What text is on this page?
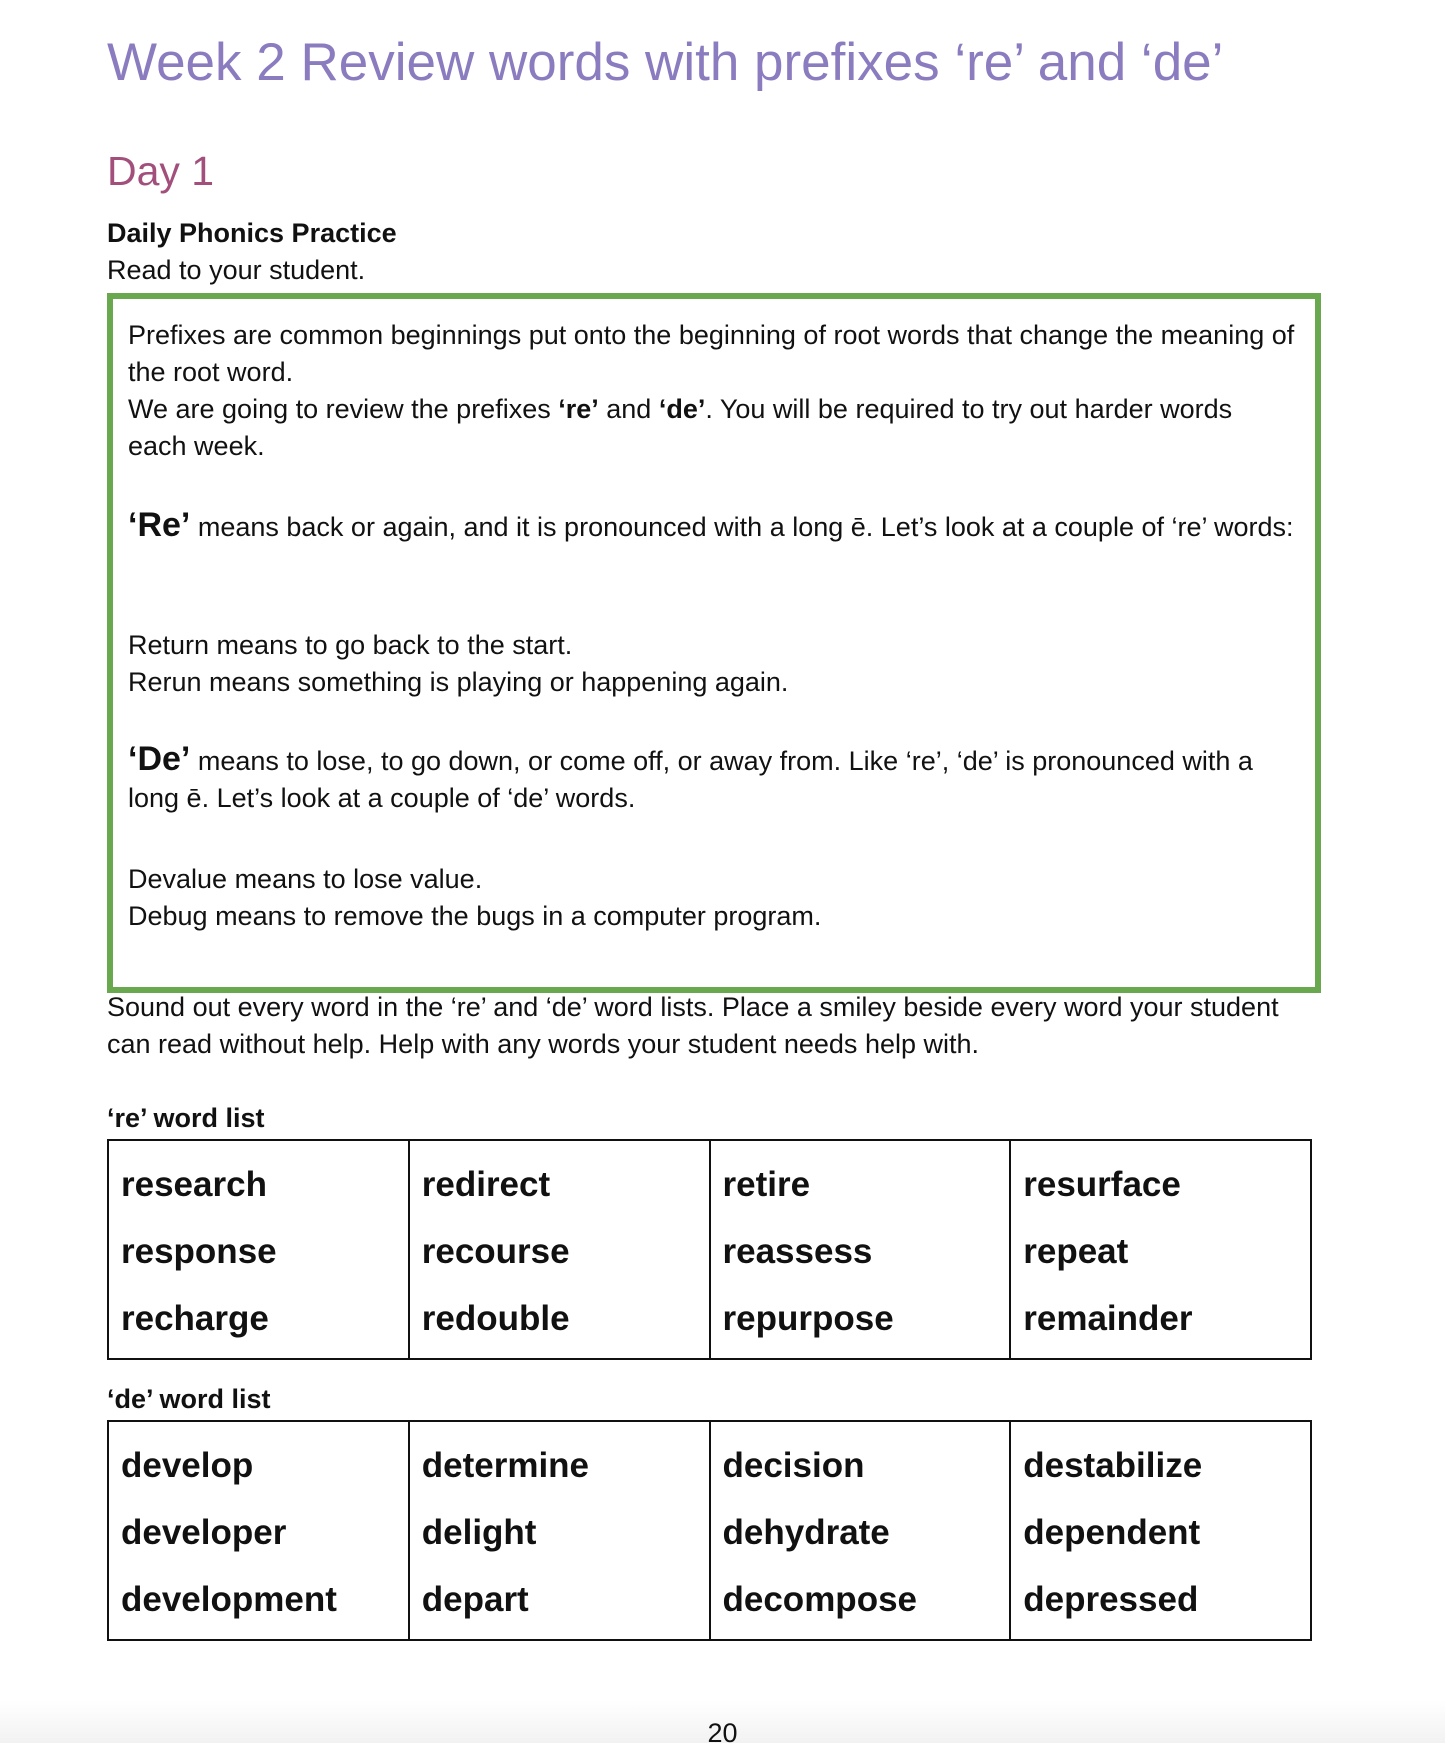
Week 2 Review words with prefixes ‘re’ and ‘de’
Day 1
Daily Phonics Practice
Read to your student.

Prefixes are common beginnings put onto the beginning of root words that change the meaning of the root word.

We are going to review the prefixes ‘re’ and ‘de’. You will be required to try out harder words each week.

‘Re’ means back or again, and it is pronounced with a long ē. Let’s look at a couple of ‘re’ words:

Return means to go back to the start.
Rerun means something is playing or happening again.

‘De’ means to lose, to go down, or come off, or away from. Like ‘re’, ‘de’ is pronounced with a long ē. Let’s look at a couple of ‘de’ words.

Devalue means to lose value.
Debug means to remove the bugs in a computer program.

Sound out every word in the ‘re’ and ‘de’ word lists. Place a smiley beside every word your student can read without help. Help with any words your student needs help with.
‘re’ word list
research
response
recharge

redirect
recourse
redouble

retire
reassess
repurpose

resurface
repeat
remainder
‘de’ word list
develop
developer
development

determine
delight
depart

decision
dehydrate
decompose

destabilize
dependent
depressed
20
